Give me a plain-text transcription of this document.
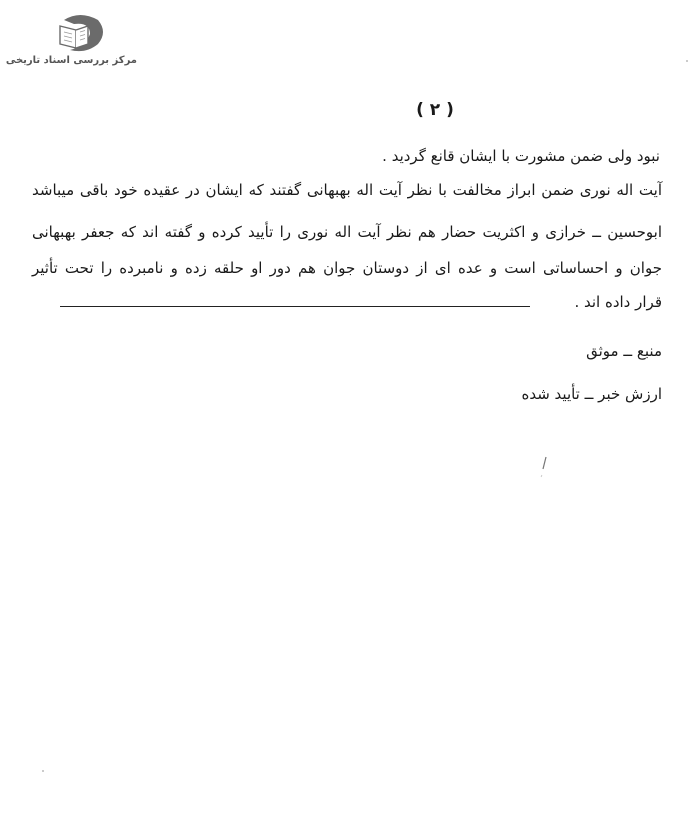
مرکز بررسی اسناد تاریخی
( ۲ )
نبود ولی ضمن مشورت با ایشان قانع گردید .
آیت اله نوری ضمن ابراز مخالفت با نظر آیت اله بهبهانی گفتند که ایشان در عقیده خود باقی میباشد
ابوحسین ــ خرازی و اکثریت حضار هم نظر آیت اله نوری را تأیید کرده و گفته اند که جعفر بهبهانی
جوان و احساساتی است و عده ای از دوستان جوان هم دور او حلقه زده و نامبرده را تحت تأثیر
قرار داده اند .
منبع ــ موثق
ارزش خبر ــ تأیید شده
